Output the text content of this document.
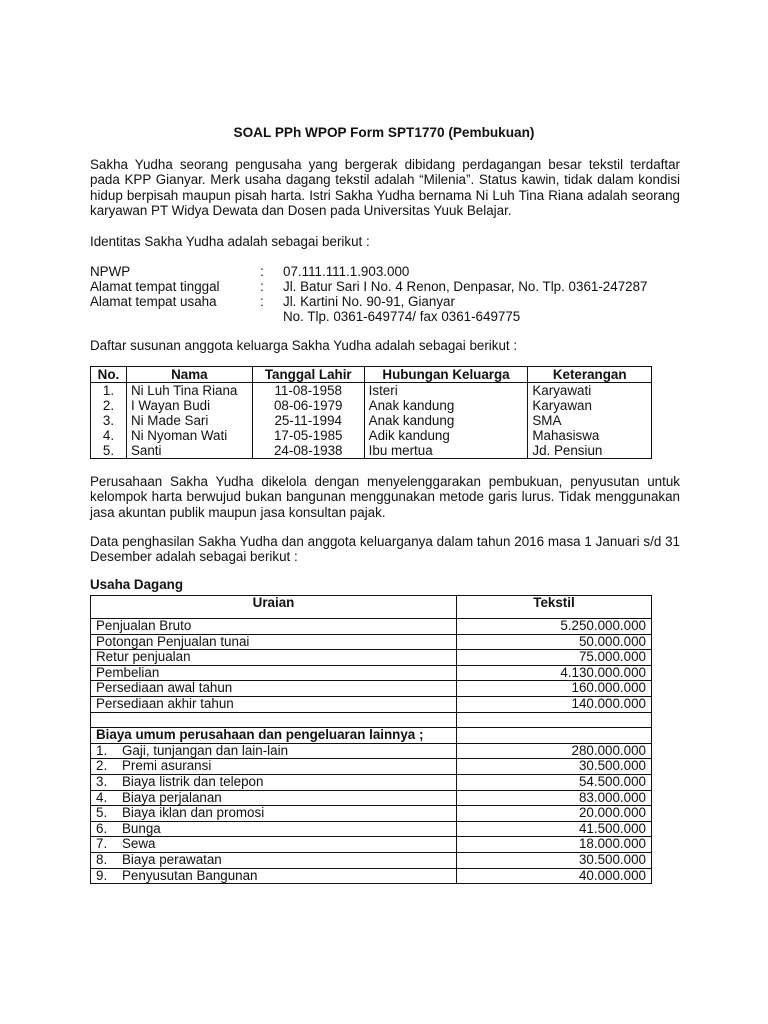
SOAL PPh WPOP Form SPT1770 (Pembukuan)
Sakha Yudha seorang pengusaha yang bergerak dibidang perdagangan besar tekstil terdaftar pada KPP Gianyar. Merk usaha dagang tekstil adalah “Milenia”. Status kawin, tidak dalam kondisi hidup berpisah maupun pisah harta. Istri Sakha Yudha bernama Ni Luh Tina Riana adalah seorang karyawan PT Widya Dewata dan Dosen pada Universitas Yuuk Belajar.
Identitas Sakha Yudha adalah sebagai berikut :
NPWP	: 07.111.111.1.903.000
Alamat tempat tinggal	: Jl. Batur Sari I No. 4 Renon, Denpasar, No. Tlp. 0361-247287
Alamat tempat usaha	: Jl. Kartini No. 90-91, Gianyar
No. Tlp. 0361-649774/ fax 0361-649775
Daftar susunan anggota keluarga Sakha Yudha adalah sebagai berikut :
No.	Nama	Tanggal Lahir	Hubungan Keluarga	Keterangan
1.	Ni Luh Tina Riana	11-08-1958	Isteri	Karyawati
2.	I Wayan Budi	08-06-1979	Anak kandung	Karyawan
3.	Ni Made Sari	25-11-1994	Anak kandung	SMA
4.	Ni Nyoman Wati	17-05-1985	Adik kandung	Mahasiswa
5.	Santi	24-08-1938	Ibu mertua	Jd. Pensiun
Perusahaan Sakha Yudha dikelola dengan menyelenggarakan pembukuan, penyusutan untuk kelompok harta berwujud bukan bangunan menggunakan metode garis lurus. Tidak menggunakan jasa akuntan publik maupun jasa konsultan pajak.
Data penghasilan Sakha Yudha dan anggota keluarganya dalam tahun 2016 masa 1 Januari s/d 31 Desember adalah sebagai berikut :
Usaha Dagang
Uraian	Tekstil
Penjualan Bruto	5.250.000.000
Potongan Penjualan tunai	50.000.000
Retur penjualan	75.000.000
Pembelian	4.130.000.000
Persediaan awal tahun	160.000.000
Persediaan akhir tahun	140.000.000

Biaya umum perusahaan dan pengeluaran lainnya ;	
1. Gaji, tunjangan dan lain-lain	280.000.000
2. Premi asuransi	30.500.000
3. Biaya listrik dan telepon	54.500.000
4. Biaya perjalanan	83.000.000
5. Biaya iklan dan promosi	20.000.000
6. Bunga	41.500.000
7. Sewa	18.000.000
8. Biaya perawatan	30.500.000
9. Penyusutan Bangunan	40.000.000
